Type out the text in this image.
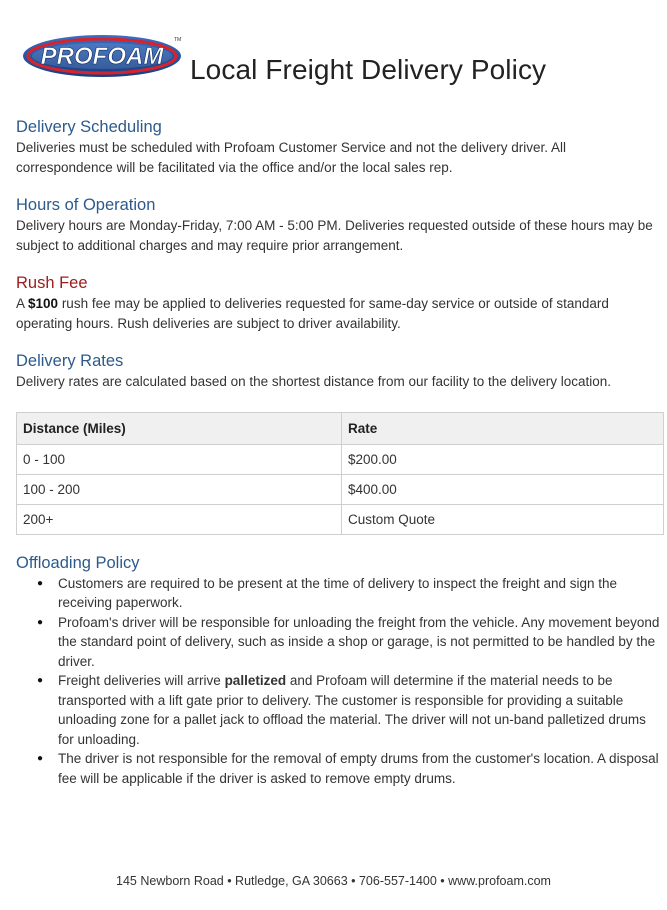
PROFOAM
TM
Local Freight Delivery Policy
Delivery Scheduling

Deliveries must be scheduled with Profoam Customer Service and not the delivery driver. All correspondence will be facilitated via the office and/or the local sales rep.

Hours of Operation

Delivery hours are Monday-Friday, 7:00 AM - 5:00 PM. Deliveries requested outside of these hours may be subject to additional charges and may require prior arrangement.

Rush Fee

A $100 rush fee may be applied to deliveries requested for same-day service or outside of standard operating hours. Rush deliveries are subject to driver availability.

Delivery Rates

Delivery rates are calculated based on the shortest distance from our facility to the delivery location.

Distance (Miles)	Rate
0 - 100	$200.00
100 - 200	$400.00
200+	Custom Quote
Offloading Policy
● Customers are required to be present at the time of delivery to inspect the freight and sign the receiving paperwork.
● Profoam's driver will be responsible for unloading the freight from the vehicle. Any movement beyond the standard point of delivery, such as inside a shop or garage, is not permitted to be handled by the driver.
● Freight deliveries will arrive palletized and Profoam will determine if the material needs to be transported with a lift gate prior to delivery. The customer is responsible for providing a suitable unloading zone for a pallet jack to offload the material. The driver will not un-band palletized drums for unloading.
● The driver is not responsible for the removal of empty drums from the customer's location. A disposal fee will be applicable if the driver is asked to remove empty drums.
145 Newborn Road • Rutledge, GA 30663 • 706-557-1400 • www.profoam.com
